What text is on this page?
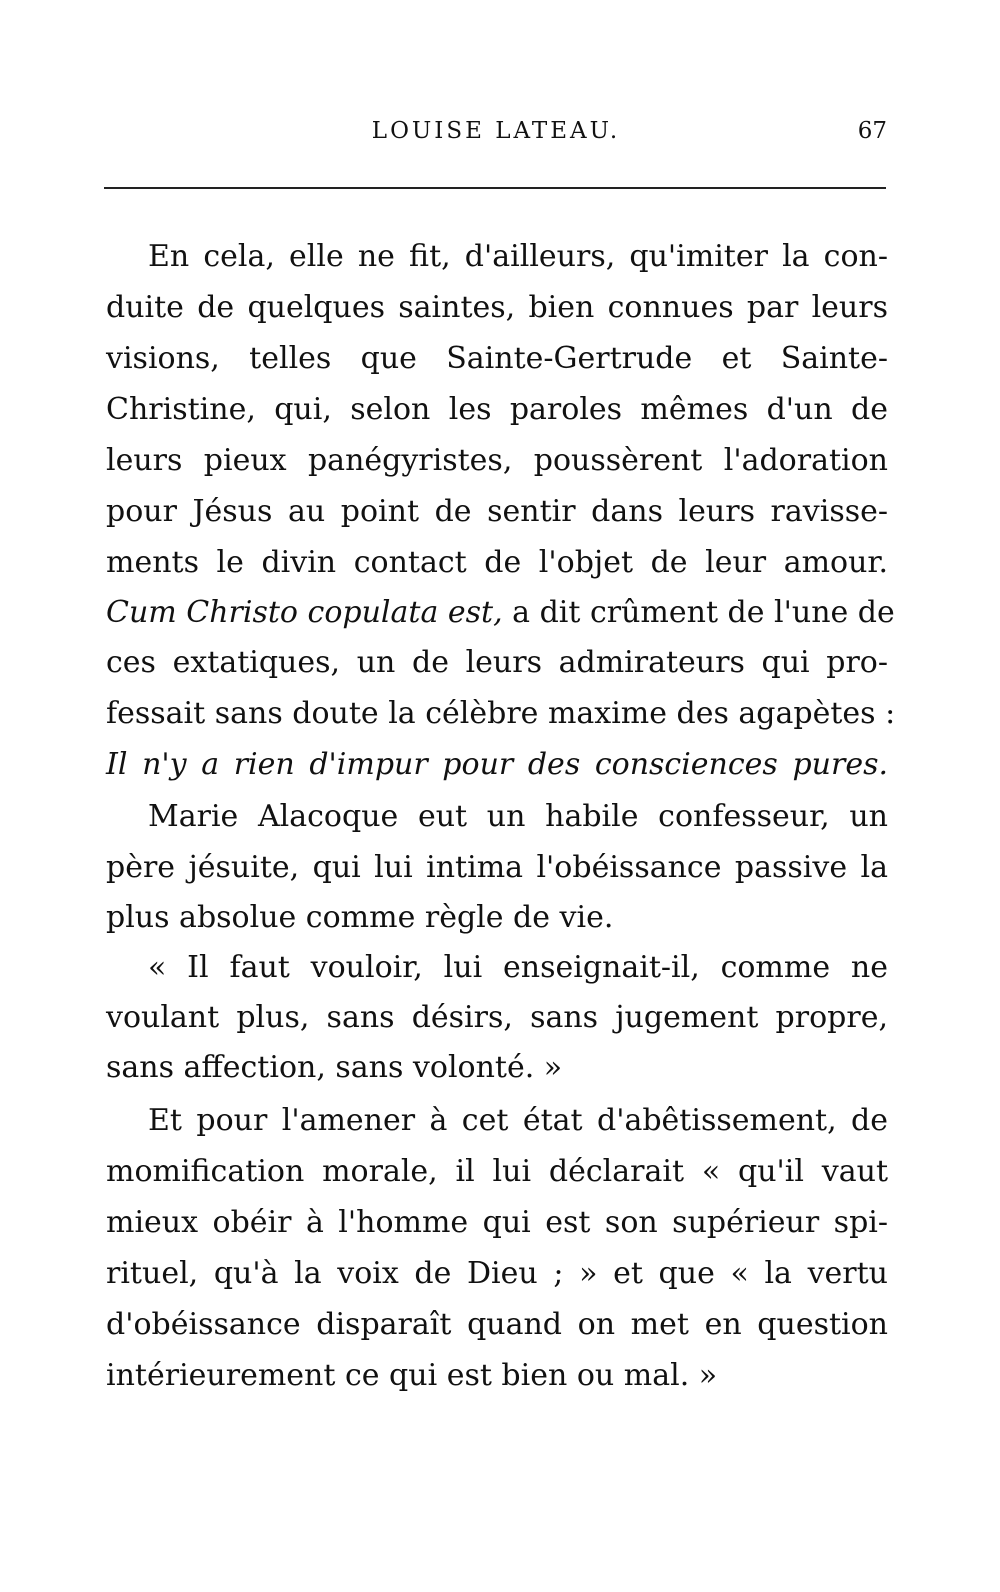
LOUISE LATEAU.	67
En cela, elle ne fit, d'ailleurs, qu'imiter la con-
duite de quelques saintes, bien connues par leurs
visions, telles que Sainte-Gertrude et Sainte-
Christine, qui, selon les paroles mêmes d'un de
leurs pieux panégyristes, poussèrent l'adoration
pour Jésus au point de sentir dans leurs ravisse-
ments le divin contact de l'objet de leur amour.
Cum Christo copulata est, a dit crûment de l'une de
ces extatiques, un de leurs admirateurs qui pro-
fessait sans doute la célèbre maxime des agapètes :
Il n'y a rien d'impur pour des consciences pures.
Marie Alacoque eut un habile confesseur, un
père jésuite, qui lui intima l'obéissance passive la
plus absolue comme règle de vie.
« Il faut vouloir, lui enseignait-il, comme ne
voulant plus, sans désirs, sans jugement propre,
sans affection, sans volonté. »
Et pour l'amener à cet état d'abêtissement, de
momification morale, il lui déclarait « qu'il vaut
mieux obéir à l'homme qui est son supérieur spi-
rituel, qu'à la voix de Dieu ; » et que « la vertu
d'obéissance disparaît quand on met en question
intérieurement ce qui est bien ou mal. »
